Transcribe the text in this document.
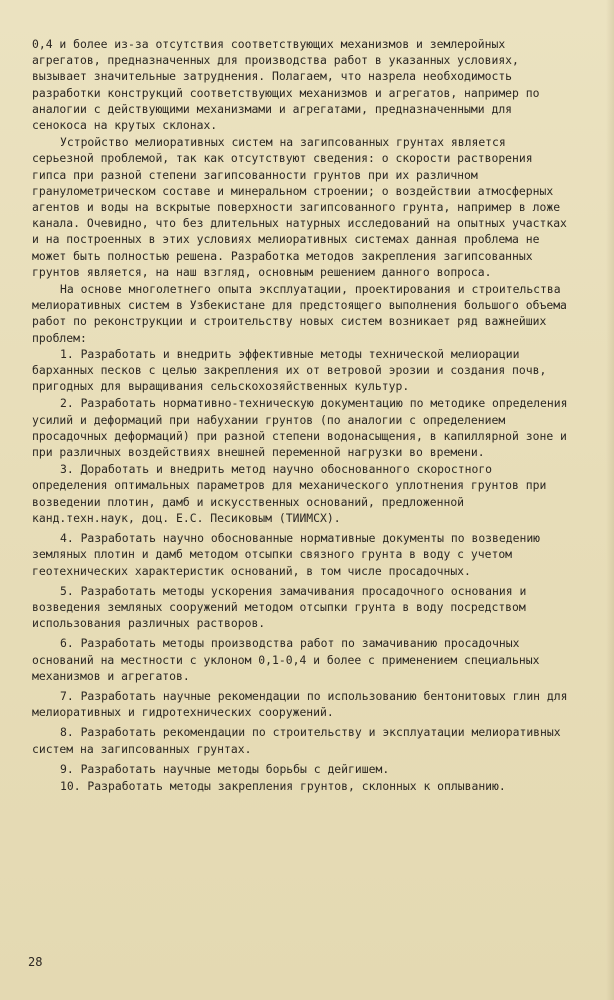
0,4 и более из-за отсутствия соответствующих механизмов и землеройных агрегатов, предназначенных для производства работ в указанных условиях, вызывает значительные затруднения. Полагаем, что назрела необходимость разработки конструкций соответствующих механизмов и агрегатов, например по аналогии с действующими механизмами и агрегатами, предназначенными для сенокоса на крутых склонах.

Устройство мелиоративных систем на загипсованных грунтах является серьезной проблемой, так как отсутствуют сведения: о скорости растворения гипса при разной степени загипсованности грунтов при их различном гранулометрическом составе и минеральном строении; о воздействии атмосферных агентов и воды на вскрытые поверхности загипсованного грунта, например в ложе канала. Очевидно, что без длительных натурных исследований на опытных участках и на построенных в этих условиях мелиоративных системах данная проблема не может быть полностью решена. Разработка методов закрепления загипсованных грунтов является, на наш взгляд, основным решением данного вопроса.

На основе многолетнего опыта эксплуатации, проектирования и строительства мелиоративных систем в Узбекистане для предстоящего выполнения большого объема работ по реконструкции и строительству новых систем возникает ряд важнейших проблем:

1. Разработать и внедрить эффективные методы технической мелиорации барханных песков с целью закрепления их от ветровой эрозии и создания почв, пригодных для выращивания сельскохозяйственных культур.

2. Разработать нормативно-техническую документацию по методике определения усилий и деформаций при набухании грунтов (по аналогии с определением просадочных деформаций) при разной степени водонасыщения, в капиллярной зоне и при различных воздействиях внешней переменной нагрузки во времени.

3. Доработать и внедрить метод научно обоснованного скоростного определения оптимальных параметров для механического уплотнения грунтов при возведении плотин, дамб и искусственных оснований, предложенной канд.техн.наук, доц. Е.С. Песиковым (ТИИМСХ).

4. Разработать научно обоснованные нормативные документы по возведению земляных плотин и дамб методом отсыпки связного грунта в воду с учетом геотехнических характеристик оснований, в том числе просадочных.

5. Разработать методы ускорения замачивания просадочного основания и возведения земляных сооружений методом отсыпки грунта в воду посредством использования различных растворов.

6. Разработать методы производства работ по замачиванию просадочных оснований на местности с уклоном 0,1-0,4 и более с применением специальных механизмов и агрегатов.

7. Разработать научные рекомендации по использованию бентонитовых глин для мелиоративных и гидротехнических сооружений.

8. Разработать рекомендации по строительству и эксплуатации мелиоративных систем на загипсованных грунтах.

9. Разработать научные методы борьбы с дейгишем.

10. Разработать методы закрепления грунтов, склонных к оплыванию.

28
